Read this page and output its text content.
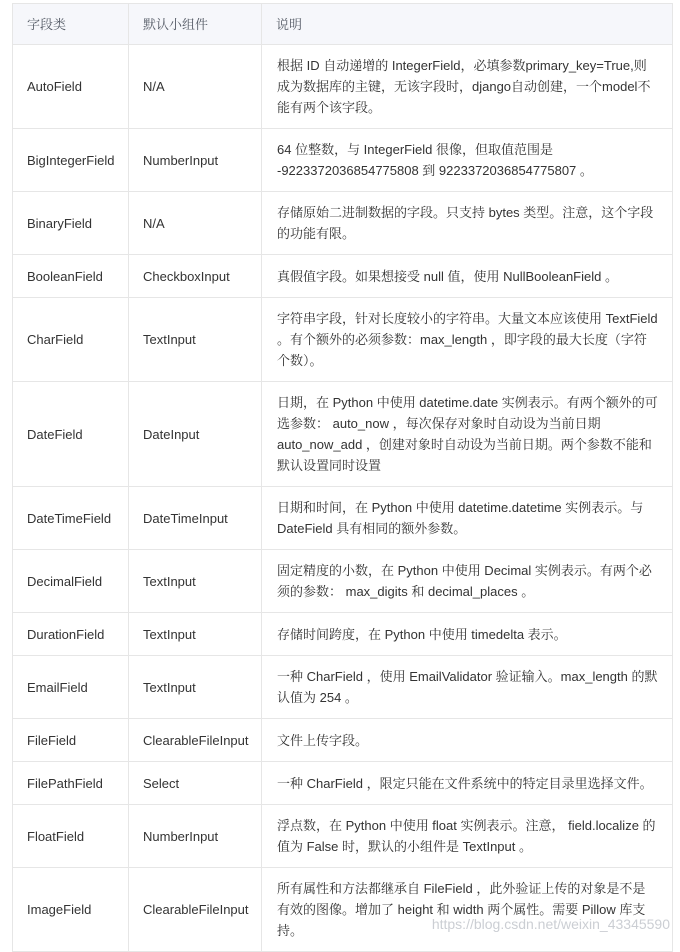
字段类	默认小组件	说明
AutoField	N/A	根据 ID 自动递增的 IntegerField，必填参数primary_key=True,则成为数据库的主键，无该字段时，django自动创建，一个model不能有两个该字段。
BigIntegerField	NumberInput	64 位整数，与 IntegerField 很像，但取值范围是 -9223372036854775808 到 9223372036854775807 。
BinaryField	N/A	存储原始二进制数据的字段。只支持 bytes 类型。注意，这个字段的功能有限。
BooleanField	CheckboxInput	真假值字段。如果想接受 null 值，使用 NullBooleanField 。
CharField	TextInput	字符串字段，针对长度较小的字符串。大量文本应该使用 TextField 。有个额外的必须参数：max_length ，即字段的最大长度（字符个数）。
DateField	DateInput	日期，在 Python 中使用 datetime.date 实例表示。有两个额外的可选参数： auto_now ，每次保存对象时自动设为当前日期 auto_now_add ，创建对象时自动设为当前日期。两个参数不能和默认设置同时设置
DateTimeField	DateTimeInput	日期和时间，在 Python 中使用 datetime.datetime 实例表示。与 DateField 具有相同的额外参数。
DecimalField	TextInput	固定精度的小数，在 Python 中使用 Decimal 实例表示。有两个必须的参数： max_digits 和 decimal_places 。
DurationField	TextInput	存储时间跨度，在 Python 中使用 timedelta 表示。
EmailField	TextInput	一种 CharField ，使用 EmailValidator 验证输入。max_length 的默认值为 254 。
FileField	ClearableFileInput	文件上传字段。
FilePathField	Select	一种 CharField ，限定只能在文件系统中的特定目录里选择文件。
FloatField	NumberInput	浮点数，在 Python 中使用 float 实例表示。注意， field.localize 的值为 False 时，默认的小组件是 TextInput 。
ImageField	ClearableFileInput	所有属性和方法都继承自 FileField ，此外验证上传的对象是不是有效的图像。增加了 height 和 width 两个属性。需要 Pillow 库支持。	https://blog.csdn.net/weixin_43345590
